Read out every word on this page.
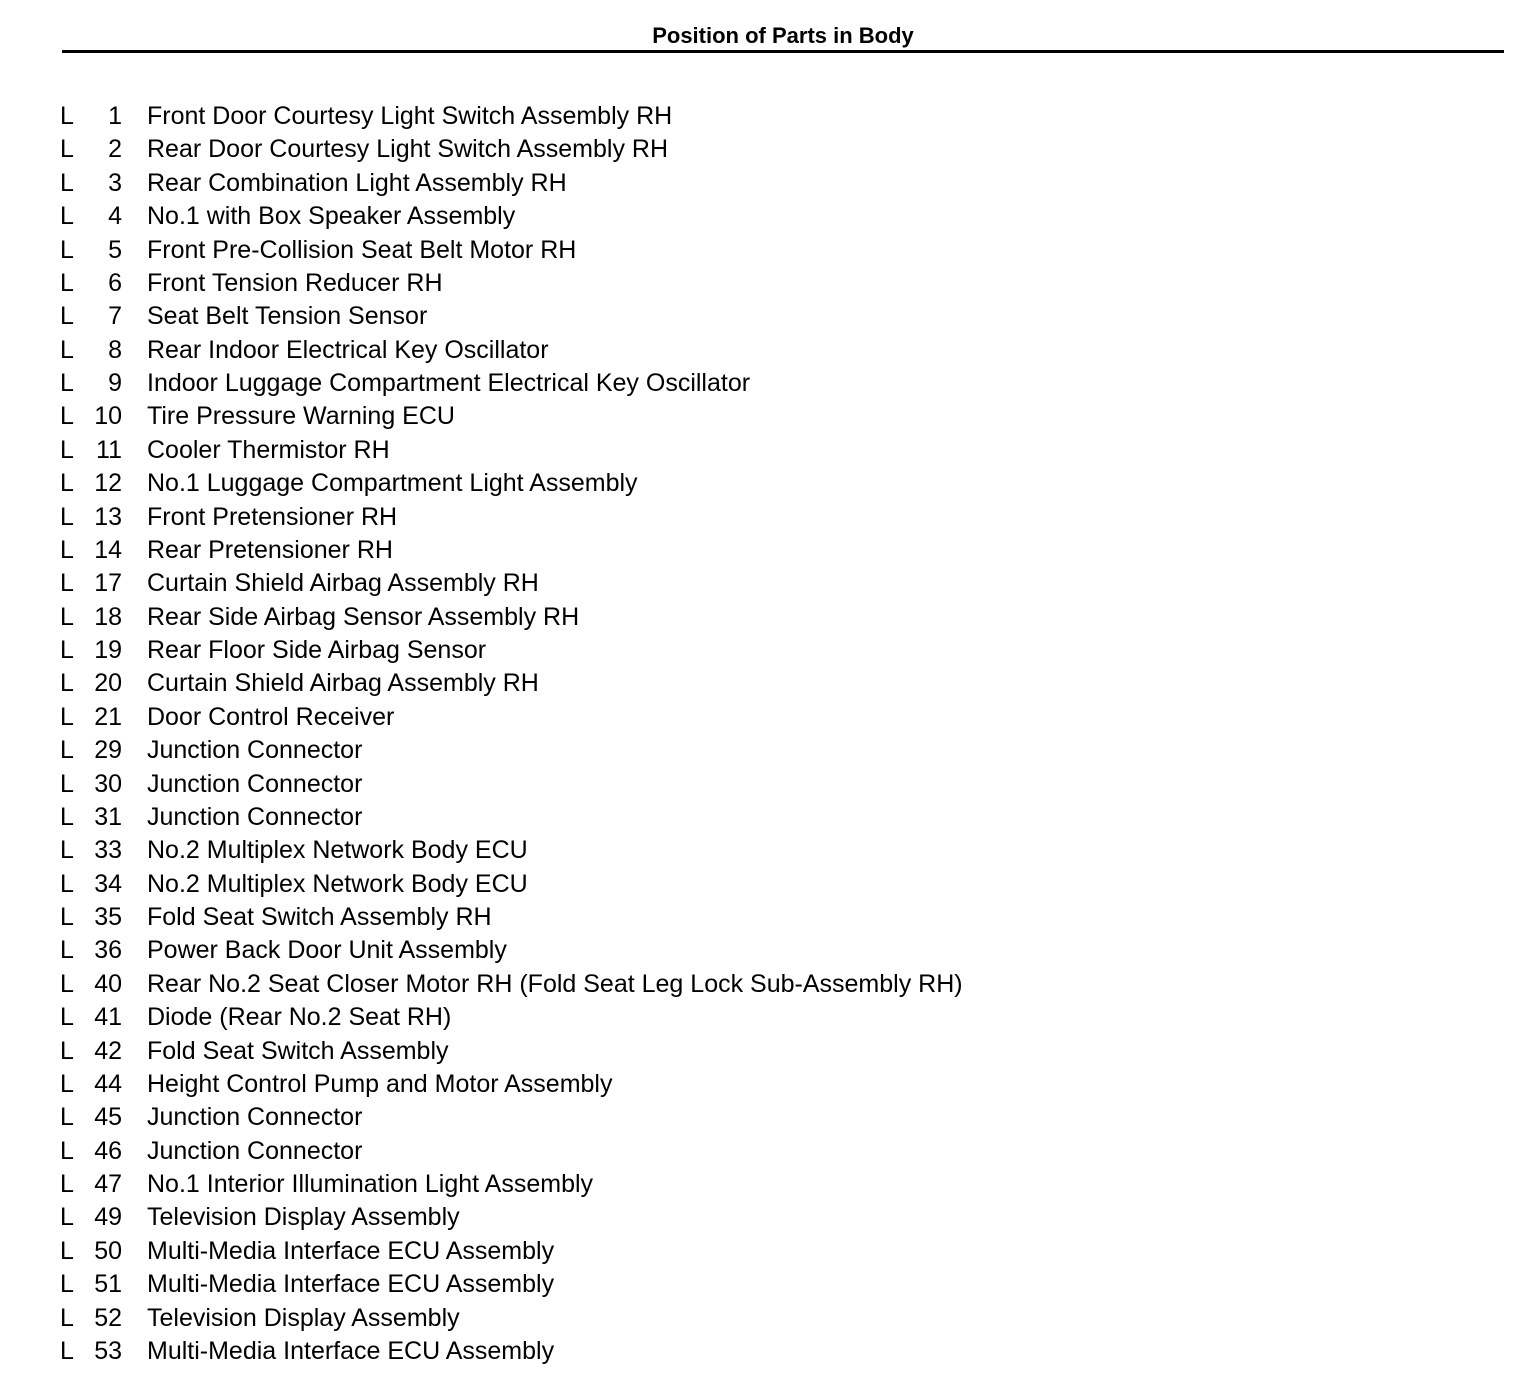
Position of Parts in Body
L 1 Front Door Courtesy Light Switch Assembly RH
L 2 Rear Door Courtesy Light Switch Assembly RH
L 3 Rear Combination Light Assembly RH
L 4 No.1 with Box Speaker Assembly
L 5 Front Pre-Collision Seat Belt Motor RH
L 6 Front Tension Reducer RH
L 7 Seat Belt Tension Sensor
L 8 Rear Indoor Electrical Key Oscillator
L 9 Indoor Luggage Compartment Electrical Key Oscillator
L 10 Tire Pressure Warning ECU
L 11 Cooler Thermistor RH
L 12 No.1 Luggage Compartment Light Assembly
L 13 Front Pretensioner RH
L 14 Rear Pretensioner RH
L 17 Curtain Shield Airbag Assembly RH
L 18 Rear Side Airbag Sensor Assembly RH
L 19 Rear Floor Side Airbag Sensor
L 20 Curtain Shield Airbag Assembly RH
L 21 Door Control Receiver
L 29 Junction Connector
L 30 Junction Connector
L 31 Junction Connector
L 33 No.2 Multiplex Network Body ECU
L 34 No.2 Multiplex Network Body ECU
L 35 Fold Seat Switch Assembly RH
L 36 Power Back Door Unit Assembly
L 40 Rear No.2 Seat Closer Motor RH (Fold Seat Leg Lock Sub-Assembly RH)
L 41 Diode (Rear No.2 Seat RH)
L 42 Fold Seat Switch Assembly
L 44 Height Control Pump and Motor Assembly
L 45 Junction Connector
L 46 Junction Connector
L 47 No.1 Interior Illumination Light Assembly
L 49 Television Display Assembly
L 50 Multi-Media Interface ECU Assembly
L 51 Multi-Media Interface ECU Assembly
L 52 Television Display Assembly
L 53 Multi-Media Interface ECU Assembly
